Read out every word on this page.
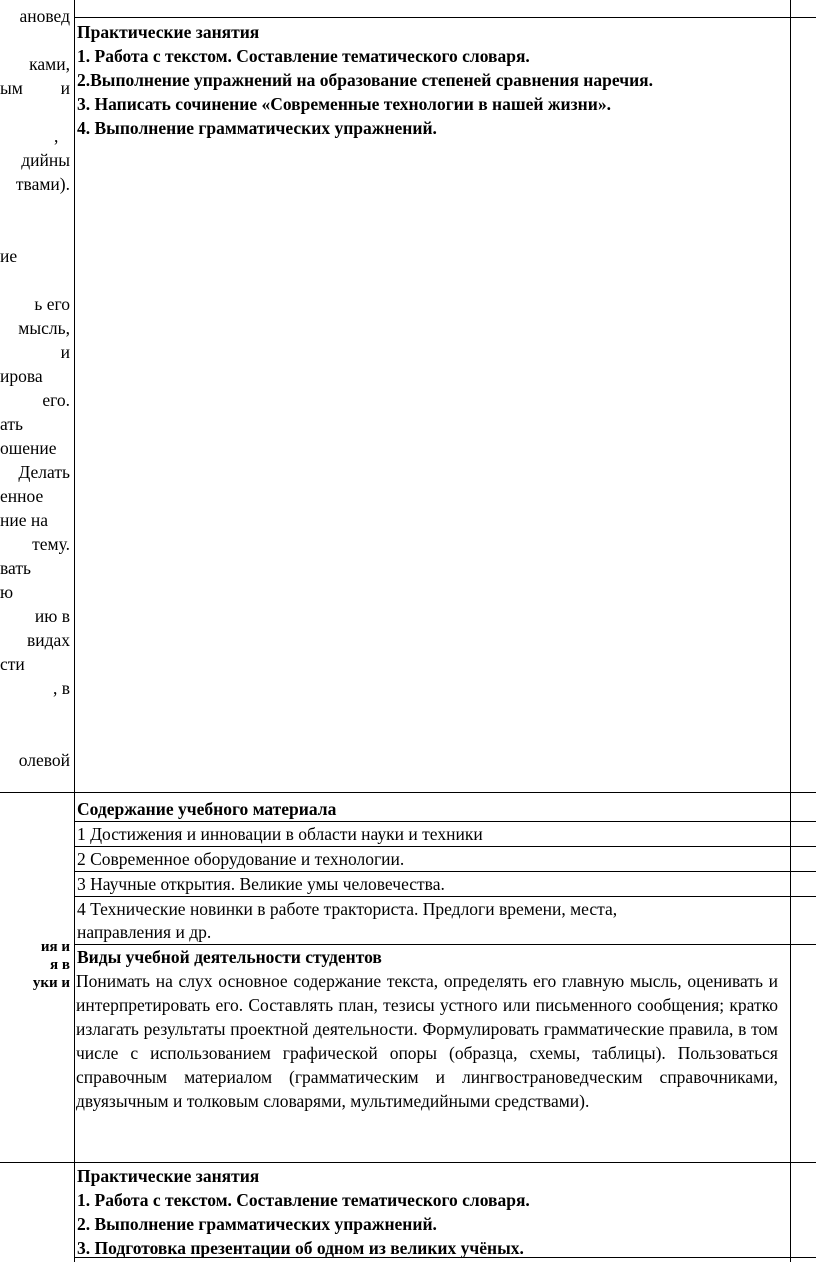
ановед
ками,
ым и
,
дийны
твами).
ие
ь его
мысль,
и
ирова
его.
ать
ошение
Делать
енное
ние на
тему.
вать
ю
ию в
видах
сти
, в
олевой
Практические занятия
1. Работа с текстом. Составление тематического словаря.
2.Выполнение упражнений на образование степеней сравнения наречия.
3. Написать сочинение «Современные технологии в нашей жизни».
4. Выполнение грамматических упражнений.
ия и
я в
уки и
Содержание учебного материала
1 Достижения и инновации в области науки и техники
2 Современное оборудование и технологии.
3 Научные открытия. Великие умы человечества.
4 Технические новинки в работе тракториста. Предлоги времени, места,
направления и др.
Виды учебной деятельности студентов
Понимать на слух основное содержание текста, определять его главную мысль, оценивать и интерпретировать его. Составлять план, тезисы устного или письменного сообщения; кратко излагать результаты проектной деятельности. Формулировать грамматические правила, в том числе с использованием графической опоры (образца, схемы, таблицы). Пользоваться справочным материалом (грамматическим и лингвострановедческим справочниками, двуязычным и толковым словарями, мультимедийными средствами).
Практические занятия
1. Работа с текстом. Составление тематического словаря.
2. Выполнение грамматических упражнений.
3. Подготовка презентации об одном из великих учёных.
